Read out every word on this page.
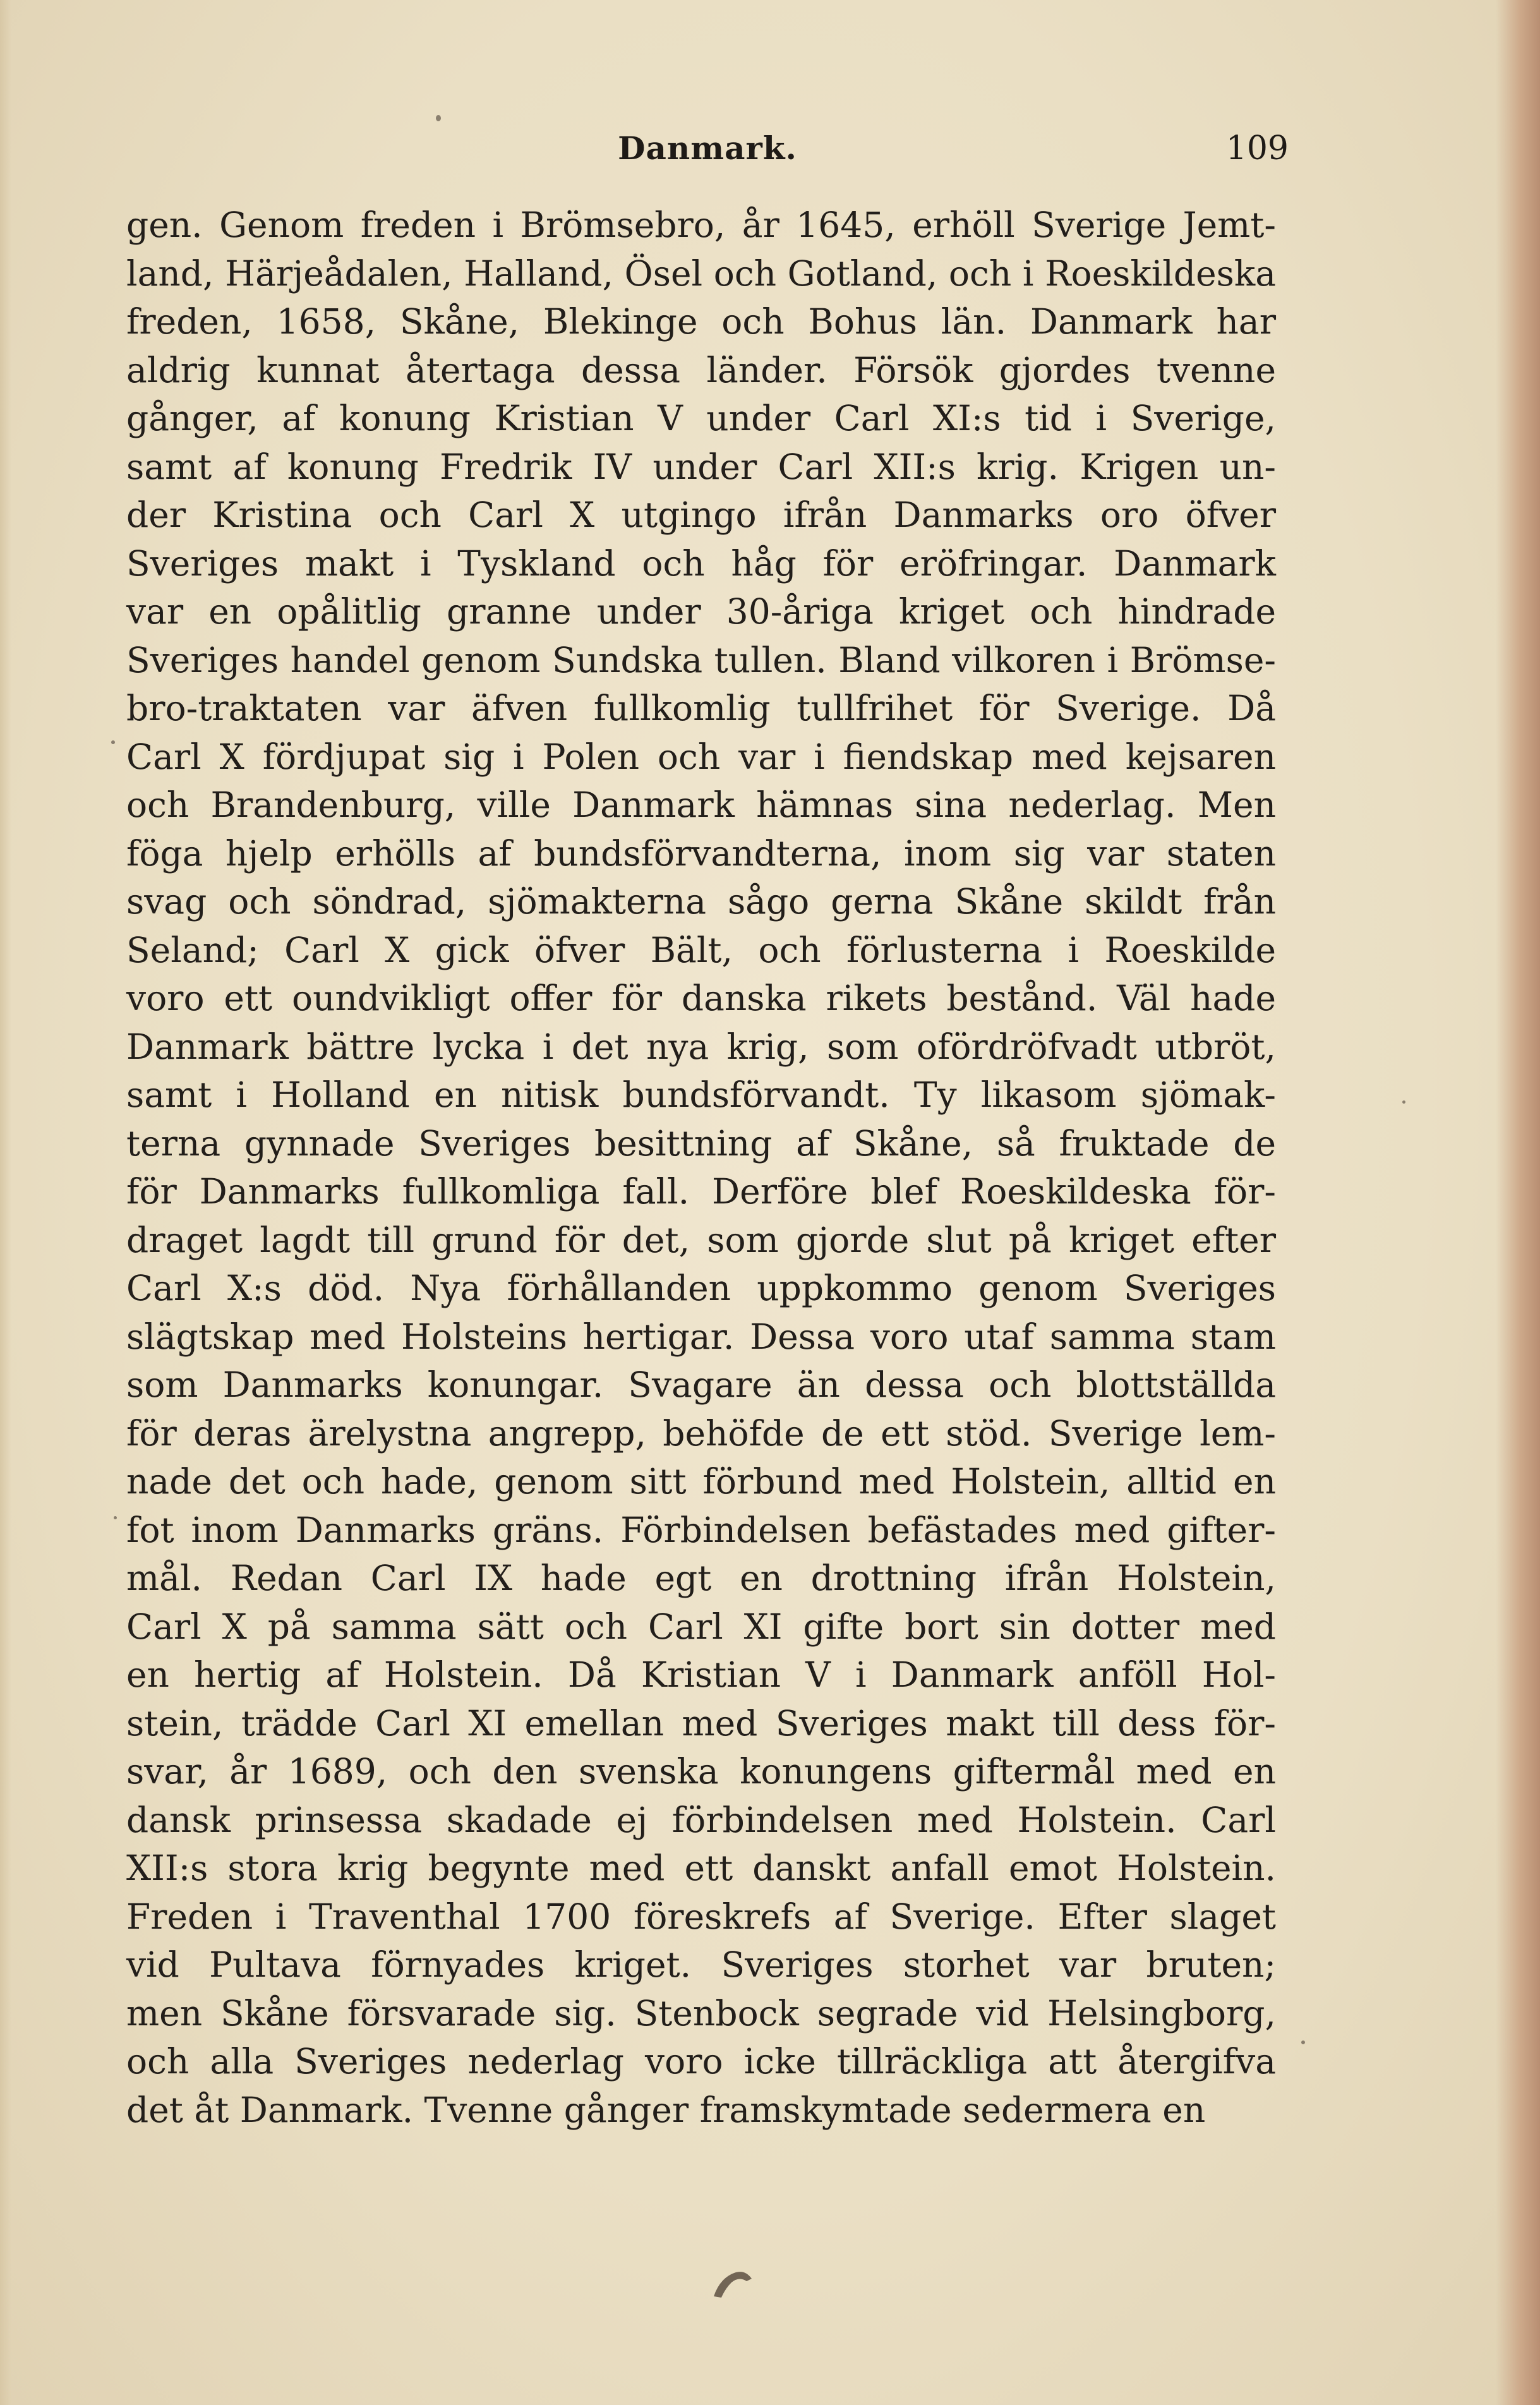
Danmark.	109
gen. Genom freden i Brömsebro, år 1645, erhöll Sverige Jemt-
land, Härjeådalen, Halland, Ösel och Gotland, och i Roeskildeska
freden, 1658, Skåne, Blekinge och Bohus län. Danmark har
aldrig kunnat återtaga dessa länder. Försök gjordes tvenne
gånger, af konung Kristian V under Carl XI:s tid i Sverige,
samt af konung Fredrik IV under Carl XII:s krig. Krigen un-
der Kristina och Carl X utgingo ifrån Danmarks oro öfver
Sveriges makt i Tyskland och håg för eröfringar. Danmark
var en opålitlig granne under 30-åriga kriget och hindrade
Sveriges handel genom Sundska tullen. Bland vilkoren i Brömse-
bro-traktaten var äfven fullkomlig tullfrihet för Sverige. Då
Carl X fördjupat sig i Polen och var i fiendskap med kejsaren
och Brandenburg, ville Danmark hämnas sina nederlag. Men
föga hjelp erhölls af bundsförvandterna, inom sig var staten
svag och söndrad, sjömakterna sågo gerna Skåne skildt från
Seland; Carl X gick öfver Bält, och förlusterna i Roeskilde
voro ett oundvikligt offer för danska rikets bestånd. Väl hade
Danmark bättre lycka i det nya krig, som ofördröfvadt utbröt,
samt i Holland en nitisk bundsförvandt. Ty likasom sjömak-
terna gynnade Sveriges besittning af Skåne, så fruktade de
för Danmarks fullkomliga fall. Derföre blef Roeskildeska för-
draget lagdt till grund för det, som gjorde slut på kriget efter
Carl X:s död. Nya förhållanden uppkommo genom Sveriges
slägtskap med Holsteins hertigar. Dessa voro utaf samma stam
som Danmarks konungar. Svagare än dessa och blottställda
för deras ärelystna angrepp, behöfde de ett stöd. Sverige lem-
nade det och hade, genom sitt förbund med Holstein, alltid en
fot inom Danmarks gräns. Förbindelsen befästades med gifter-
mål. Redan Carl IX hade egt en drottning ifrån Holstein,
Carl X på samma sätt och Carl XI gifte bort sin dotter med
en hertig af Holstein. Då Kristian V i Danmark anföll Hol-
stein, trädde Carl XI emellan med Sveriges makt till dess för-
svar, år 1689, och den svenska konungens giftermål med en
dansk prinsessa skadade ej förbindelsen med Holstein. Carl
XII:s stora krig begynte med ett danskt anfall emot Holstein.
Freden i Traventhal 1700 föreskrefs af Sverige. Efter slaget
vid Pultava förnyades kriget. Sveriges storhet var bruten;
men Skåne försvarade sig. Stenbock segrade vid Helsingborg,
och alla Sveriges nederlag voro icke tillräckliga att återgifva
det åt Danmark. Tvenne gånger framskymtade sedermera en
